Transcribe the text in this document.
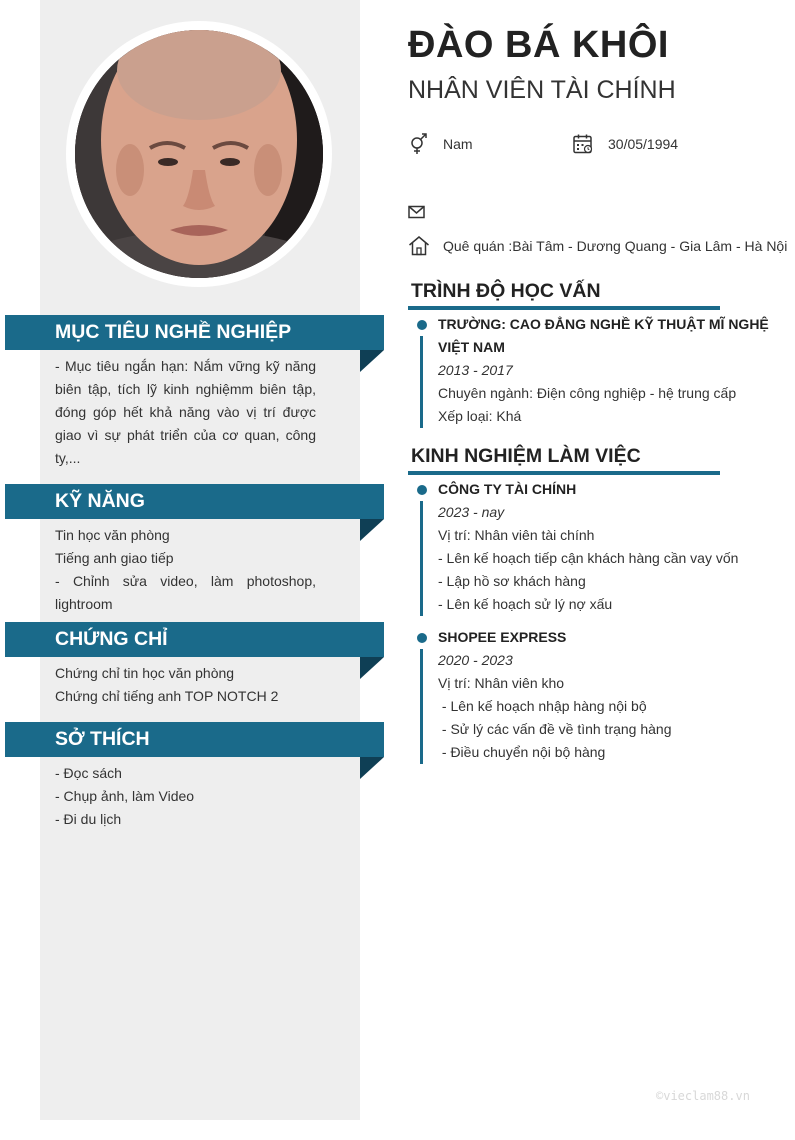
MỤC TIÊU NGHỀ NGHIỆP
- Mục tiêu ngắn hạn: Nắm vững kỹ năng biên tập, tích lỹ kinh nghiệmm biên tập, đóng góp hết khả năng vào vị trí được giao vì sự phát triển của cơ quan, công ty,...
KỸ NĂNG
Tin học văn phòng
Tiếng anh giao tiếp
- Chỉnh sửa video, làm photoshop, lightroom
CHỨNG CHỈ
Chứng chỉ tin học văn phòng
Chứng chỉ tiếng anh TOP NOTCH 2
SỞ THÍCH
- Đọc sách
- Chụp ảnh, làm Video
- Đi du lịch
ĐÀO BÁ KHÔI
NHÂN VIÊN TÀI CHÍNH
Nam	30/05/1994
Quê quán :Bài Tâm - Dương Quang - Gia Lâm - Hà Nội
TRÌNH ĐỘ HỌC VẤN
TRƯỜNG: CAO ĐẲNG NGHỀ KỸ THUẬT MĨ NGHỆ VIỆT NAM
2013 - 2017
Chuyên ngành: Điện công nghiệp - hệ trung cấp
Xếp loại: Khá
KINH NGHIỆM LÀM VIỆC
CÔNG TY TÀI CHÍNH
2023 - nay
Vị trí: Nhân viên tài chính
- Lên kế hoạch tiếp cận khách hàng cần vay vốn
- Lập hồ sơ khách hàng
- Lên kế hoạch sử lý nợ xấu
SHOPEE EXPRESS
2020 - 2023
Vị trí: Nhân viên kho
- Lên kế hoạch nhập hàng nội bộ
- Sử lý các vấn đề về tình trạng hàng
- Điều chuyển nội bộ hàng
©vieclam88.vn
